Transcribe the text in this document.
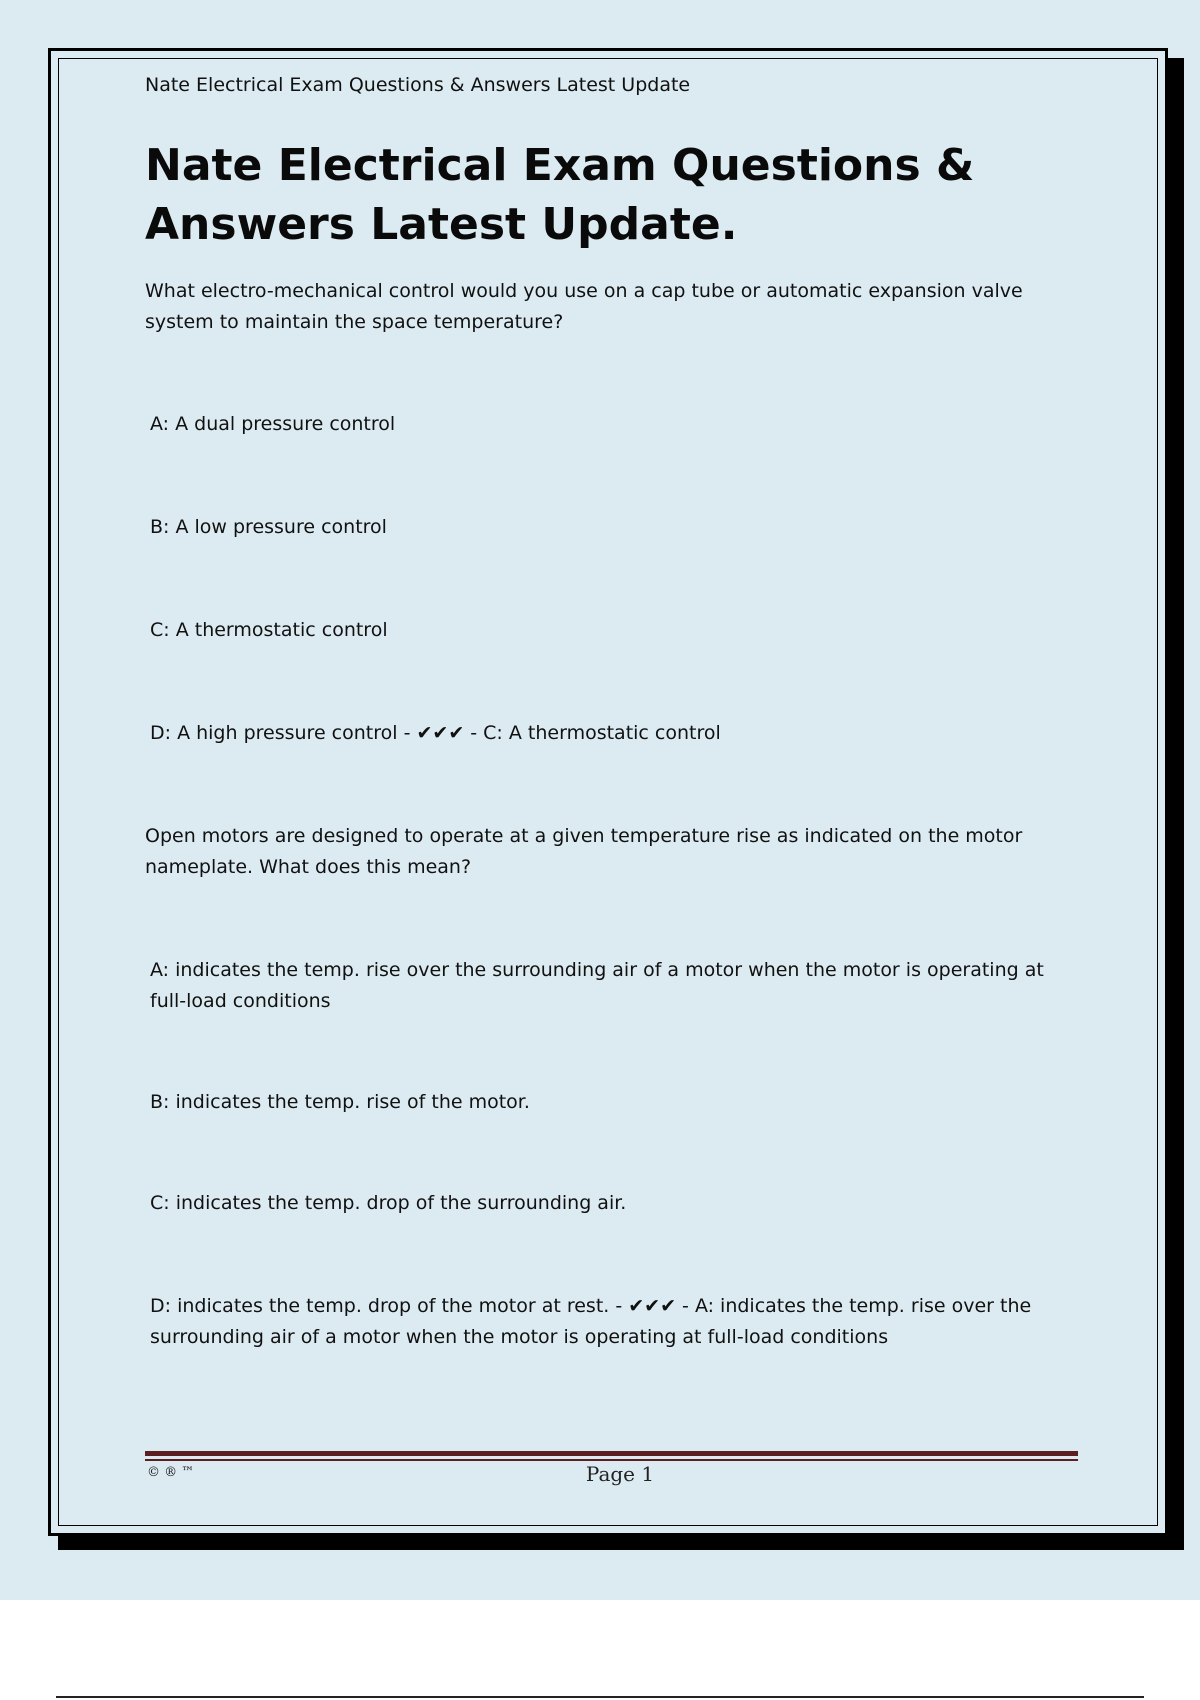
Nate Electrical Exam Questions & Answers Latest Update
Nate Electrical Exam Questions & Answers Latest Update.

What electro-mechanical control would you use on a cap tube or automatic expansion valve system to maintain the space temperature?

A: A dual pressure control

B: A low pressure control

C: A thermostatic control

D: A high pressure control - ✔✔✔ - C: A thermostatic control

Open motors are designed to operate at a given temperature rise as indicated on the motor nameplate. What does this mean?

A: indicates the temp. rise over the surrounding air of a motor when the motor is operating at full-load conditions

B: indicates the temp. rise of the motor.

C: indicates the temp. drop of the surrounding air.

D: indicates the temp. drop of the motor at rest. - ✔✔✔ - A: indicates the temp. rise over the surrounding air of a motor when the motor is operating at full-load conditions

© ® ™	Page 1
